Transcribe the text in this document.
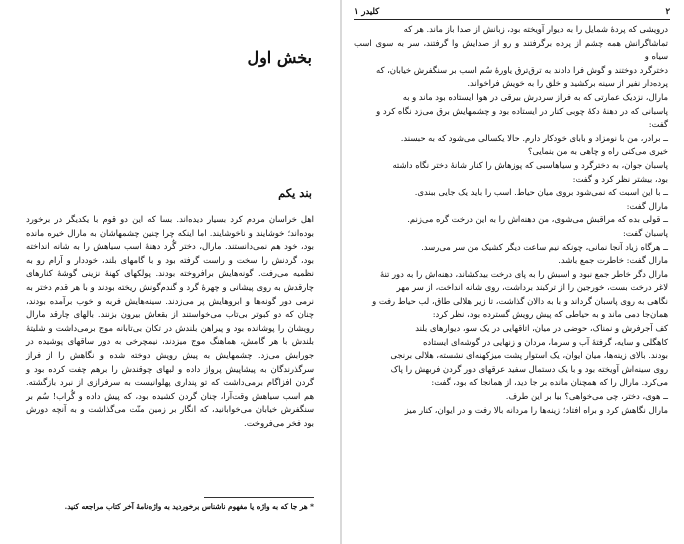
بخش اول
بند یکم

اهل خراسان مردم کرد بسیار دیده‌اند. بسا که این دو قوم با یکدیگر در برخورد بوده‌اند؛ خوشایند و ناخوشایند. اما اینکه چرا چنین چشمهاشان به مارال خیره مانده بود، خود هم نمی‌دانستند. مارال، دختر گُرد دهنهٔ اسب سیاهش را به شانه انداخته بود، گردنش را سخت و راست گرفته بود و با گامهای بلند، خوددار و آرام رو به نظمیه می‌رفت. گونه‌هایش برافروخته بودند. پولکهای کهنهٔ نزینی گوشهٔ کنارهای چارقدش به روی پیشانی و چهرهٔ گرد و گندم‌گونش ریخته بودند و با هر قدم دختر به نرمی دور گونه‌ها و ابروهایش پر می‌زدند. سینه‌هایش فربه و خوب برآمده بودند، چنان که دو کبوتر بی‌تاب می‌خواستند از بقعاش بیرون بزنند. بالهای چارقد مارال رویشان را پوشانده بود و پیراهن بلندش در تکان بی‌تابانه موج برمی‌داشت و شلیتهٔ بلندش با هر گامش، هماهنگ موج میزدند، نیمچرخی به دور ساقهای پوشیده در جورابش می‌زد. چشمهایش به پیش رویش دوخته شده و نگاهش را از فراز سرگذرندگان به پیشاپیش پرواز داده و لبهای چوقندش را برهم چفت کرده بود و گردن افزاگام برمی‌داشت که تو پنداری پهلوانیست به سرفرازی از نبرد بازگشته. هم اسب سیاهش وقت‌آرا، چنان گردن کشیده بود، که پیش داده و گُراب! سُم بر سنگفرش خیابان می‌خوابانید، که انگار بر زمین منّت می‌گذاشت و به آنچه دورش بود فخر می‌فروخت.

* هر جا که به واژه یا مفهوم ناشناس برخوردید به واژه‌نامهٔ آخر کتاب مراجعه کنید.
۲
کلیدر ۱
درویشی که پردهٔ شمایل را به دیوار آویخته بود، زبانش از صدا باز ماند. هر که
تماشاگرانش همه چشم از پرده برگرفتند و رو از صدایش وا گرفتند، سر به سوی اسب سیاه و
دخترگرد دوختند و گوش فرا دادند به ترق‌ترق یاورهٔ سُم اسب بر سنگفرش خیابان، که
پرده‌دار نفیر از سینه برکشید و خلق را به خویش فراخواند.
مارال، نزدیک عمارتی که به فراز سردرش بیرقی در هوا ایستاده بود ماند و به
پاسبانی که در دهنهٔ دکهٔ چوبی کنار در ایستاده بود و چشمهایش برق می‌زد نگاه کرد و
گفت:
ــ برادر، من با نومزاد و بابای خودکار دارم. حالا یکسالی می‌شود که به حبسند.
خیری می‌کنی راه و چاهی به من بنمایی؟
پاسبان جوان، به دخترگرد و سیاهاسبی که پوزهاش را کنار شانهٔ دختر نگاه داشته
بود، بیشتر نظر کرد و گفت:
ــ با این اسبت که نمی‌شود بروی میان حیاط. اسب را باید یک جایی ببندی.
مارال گفت:
ــ قولی بده که مراقبش می‌شوی، من دهنه‌اش را به این درخت گره می‌زنم.
پاسبان گفت:
ــ هرگاه زیاد آنجا نمانی، چونکه نیم ساعت دیگر کشیک من سر می‌رسد.
مارال گفت: خاطرت جمع باشد.
مارال دگر خاطر جمع نبود و اسبش را به پای درخت بیدکشاند، دهنه‌اش را به دور تنهٔ
لاغر درخت بست، خورجین را از ترکبند برداشت، روی شانه انداخت، از سر مهر
نگاهی به روی پاسبان گرداند و با به دالان گذاشت، تا زیر هلالی طاق، لب حیاط رفت و
همان‌جا دمی ماند و به حیاطی که پیش رویش گسترده بود، نظر کرد:
کف آجرفرش و نمناک، حوضی در میان، اتاقهایی در یک سو، دیوارهای بلند
کاهگلی و سایه، گرفتهٔ آب و سرما، مردان و زنهایی در گوشه‌ای ایستاده
بودند. بالای زینه‌ها، میان ایوان، یک استوار پشت میزکهنه‌ای نشسته، هلالی برنجی
روی سینه‌اش آویخته بود و با یک دستمال سفید عرقهای دور گردن فربهش را پاک
می‌کرد. مارال را که همچنان مانده بر جا دید، از همانجا که بود، گفت:
ــ هوی، دختر، چی می‌خواهی؟ بیا بر این طرف.
مارال نگاهش کرد و براه افتاد؛ زینه‌ها را مردانه بالا رفت و در ایوان، کنار میز
